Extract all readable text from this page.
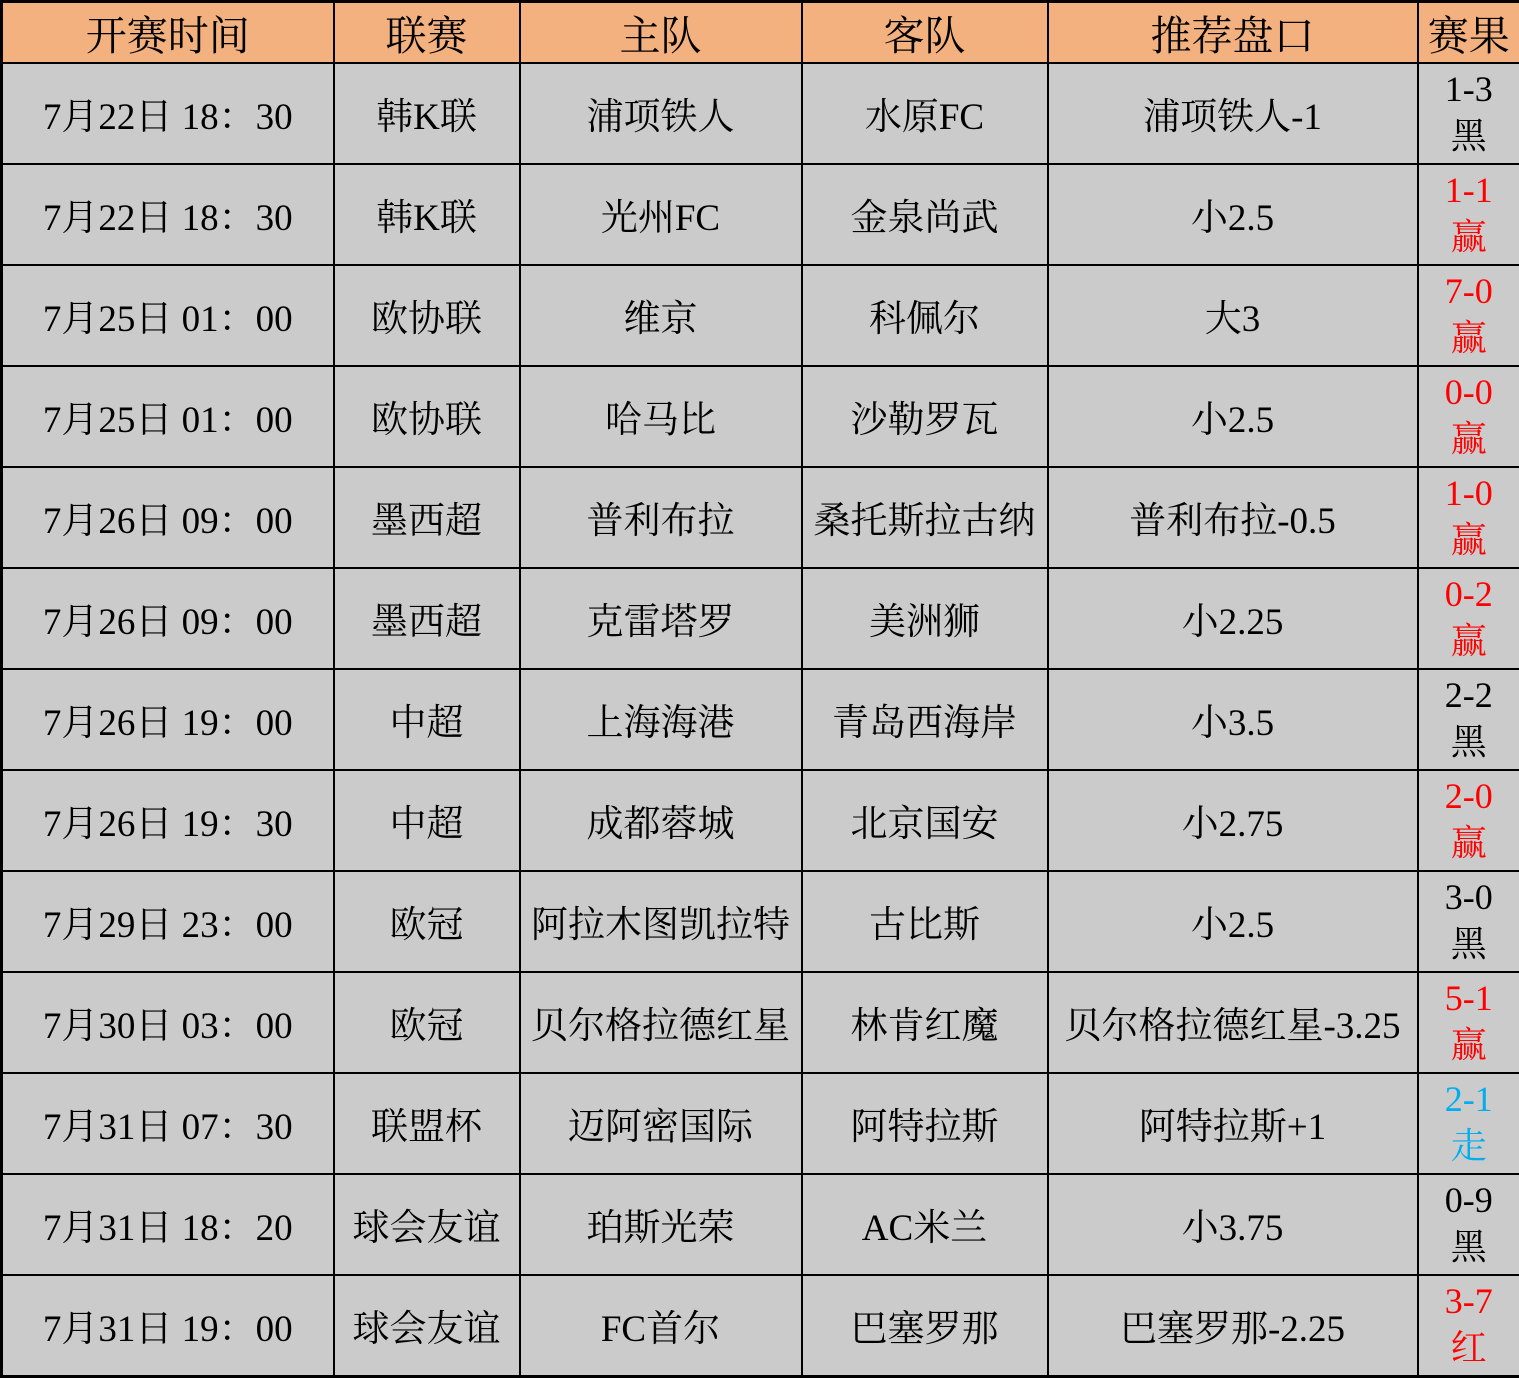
开赛时间	联赛	主队	客队	推荐盘口	赛果
7月22日 18：30	韩K联	浦项铁人	水原FC	浦项铁人-1	1-3
黑

7月22日 18：30	韩K联	光州FC	金泉尚武	小2.5	1-1
赢

7月25日 01：00	欧协联	维京	科佩尔	大3	7-0
赢

7月25日 01：00	欧协联	哈马比	沙勒罗瓦	小2.5	0-0
赢

7月26日 09：00	墨西超	普利布拉	桑托斯拉古纳	普利布拉-0.5	1-0
赢

7月26日 09：00	墨西超	克雷塔罗	美洲狮	小2.25	0-2
赢

7月26日 19：00	中超	上海海港	青岛西海岸	小3.5	2-2
黑

7月26日 19：30	中超	成都蓉城	北京国安	小2.75	2-0
赢

7月29日 23：00	欧冠	阿拉木图凯拉特	古比斯	小2.5	3-0
黑

7月30日 03：00	欧冠	贝尔格拉德红星	林肯红魔	贝尔格拉德红星-3.25	5-1
赢

7月31日 07：30	联盟杯	迈阿密国际	阿特拉斯	阿特拉斯+1	2-1
走

7月31日 18：20	球会友谊	珀斯光荣	AC米兰	小3.75	0-9
黑

7月31日 19：00	球会友谊	FC首尔	巴塞罗那	巴塞罗那-2.25	3-7
红
